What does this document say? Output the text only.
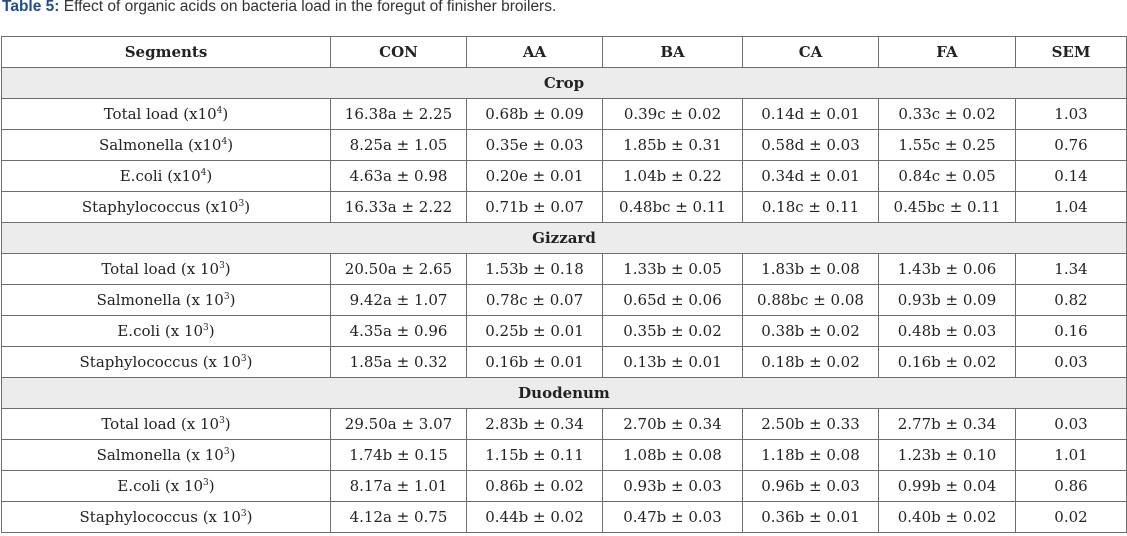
Table 5: Effect of organic acids on bacteria load in the foregut of finisher broilers.
Segments	CON	AA	BA	CA	FA	SEM
Crop						
Total load $(x10^4)$	16.38a ± 2.25	0.68b ± 0.09	0.39c ± 0.02	0.14d ± 0.01	0.33c ± 0.02	1.03
Salmonella $(x10^4)$	8.25a ± 1.05	0.35e ± 0.03	1.85b ± 0.31	0.58d ± 0.03	1.55c ± 0.25	0.76
E.coli $(x10^4)$	4.63a ± 0.98	0.20e ± 0.01	1.04b ± 0.22	0.34d ± 0.01	0.84c ± 0.05	0.14
Staphylococcus $(x10^3)$	16.33a ± 2.22	0.71b ± 0.07	0.48bc ± 0.11	0.18c ± 0.11	0.45bc ± 0.11	1.04
Gizzard						
Total load (x $10^3$)	20.50a ± 2.65	1.53b ± 0.18	1.33b ± 0.05	1.83b ± 0.08	1.43b ± 0.06	1.34
Salmonella (x $10^3$)	9.42a ± 1.07	0.78c ± 0.07	0.65d ± 0.06	0.88bc ± 0.08	0.93b ± 0.09	0.82
E.coli (x $10^3$)	4.35a ± 0.96	0.25b ± 0.01	0.35b ± 0.02	0.38b ± 0.02	0.48b ± 0.03	0.16
Staphylococcus (x $10^3$)	1.85a ± 0.32	0.16b ± 0.01	0.13b ± 0.01	0.18b ± 0.02	0.16b ± 0.02	0.03
Duodenum						
Total load (x $10^3$)	29.50a ± 3.07	2.83b ± 0.34	2.70b ± 0.34	2.50b ± 0.33	2.77b ± 0.34	0.03
Salmonella (x $10^3$)	1.74b ± 0.15	1.15b ± 0.11	1.08b ± 0.08	1.18b ± 0.08	1.23b ± 0.10	1.01
E.coli (x $10^3$)	8.17a ± 1.01	0.86b ± 0.02	0.93b ± 0.03	0.96b ± 0.03	0.99b ± 0.04	0.86
Staphylococcus (x $10^3$)	4.12a ± 0.75	0.44b ± 0.02	0.47b ± 0.03	0.36b ± 0.01	0.40b ± 0.02	0.02
